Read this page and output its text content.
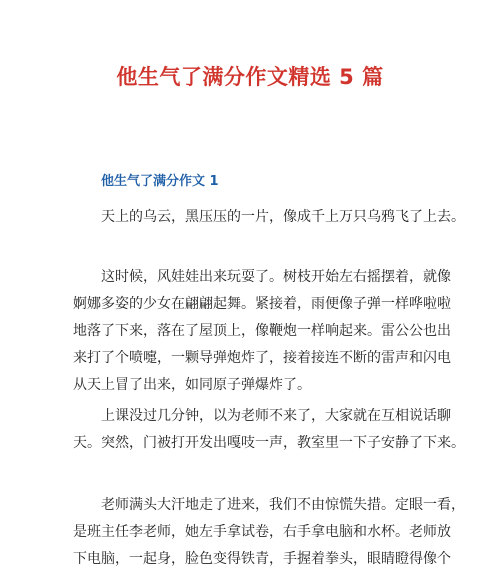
他生气了满分作文精选 5 篇
他生气了满分作文 1
天上的乌云，黑压压的一片，像成千上万只乌鸦飞了上去。
这时候，风娃娃出来玩耍了。树枝开始左右摇摆着，就像
婀娜多姿的少女在翩翩起舞。紧接着，雨便像子弹一样哗啦啦
地落了下来，落在了屋顶上，像鞭炮一样响起来。雷公公也出
来打了个喷嚏，一颗导弹炮炸了，接着接连不断的雷声和闪电
从天上冒了出来，如同原子弹爆炸了。
上课没过几分钟，以为老师不来了，大家就在互相说话聊
天。突然，门被打开发出嘎吱一声，教室里一下子安静了下来。
老师满头大汗地走了进来，我们不由惊慌失措。定眼一看，
是班主任李老师，她左手拿试卷，右手拿电脑和水杯。老师放
下电脑，一起身，脸色变得铁青，手握着拳头，眼睛瞪得像个
